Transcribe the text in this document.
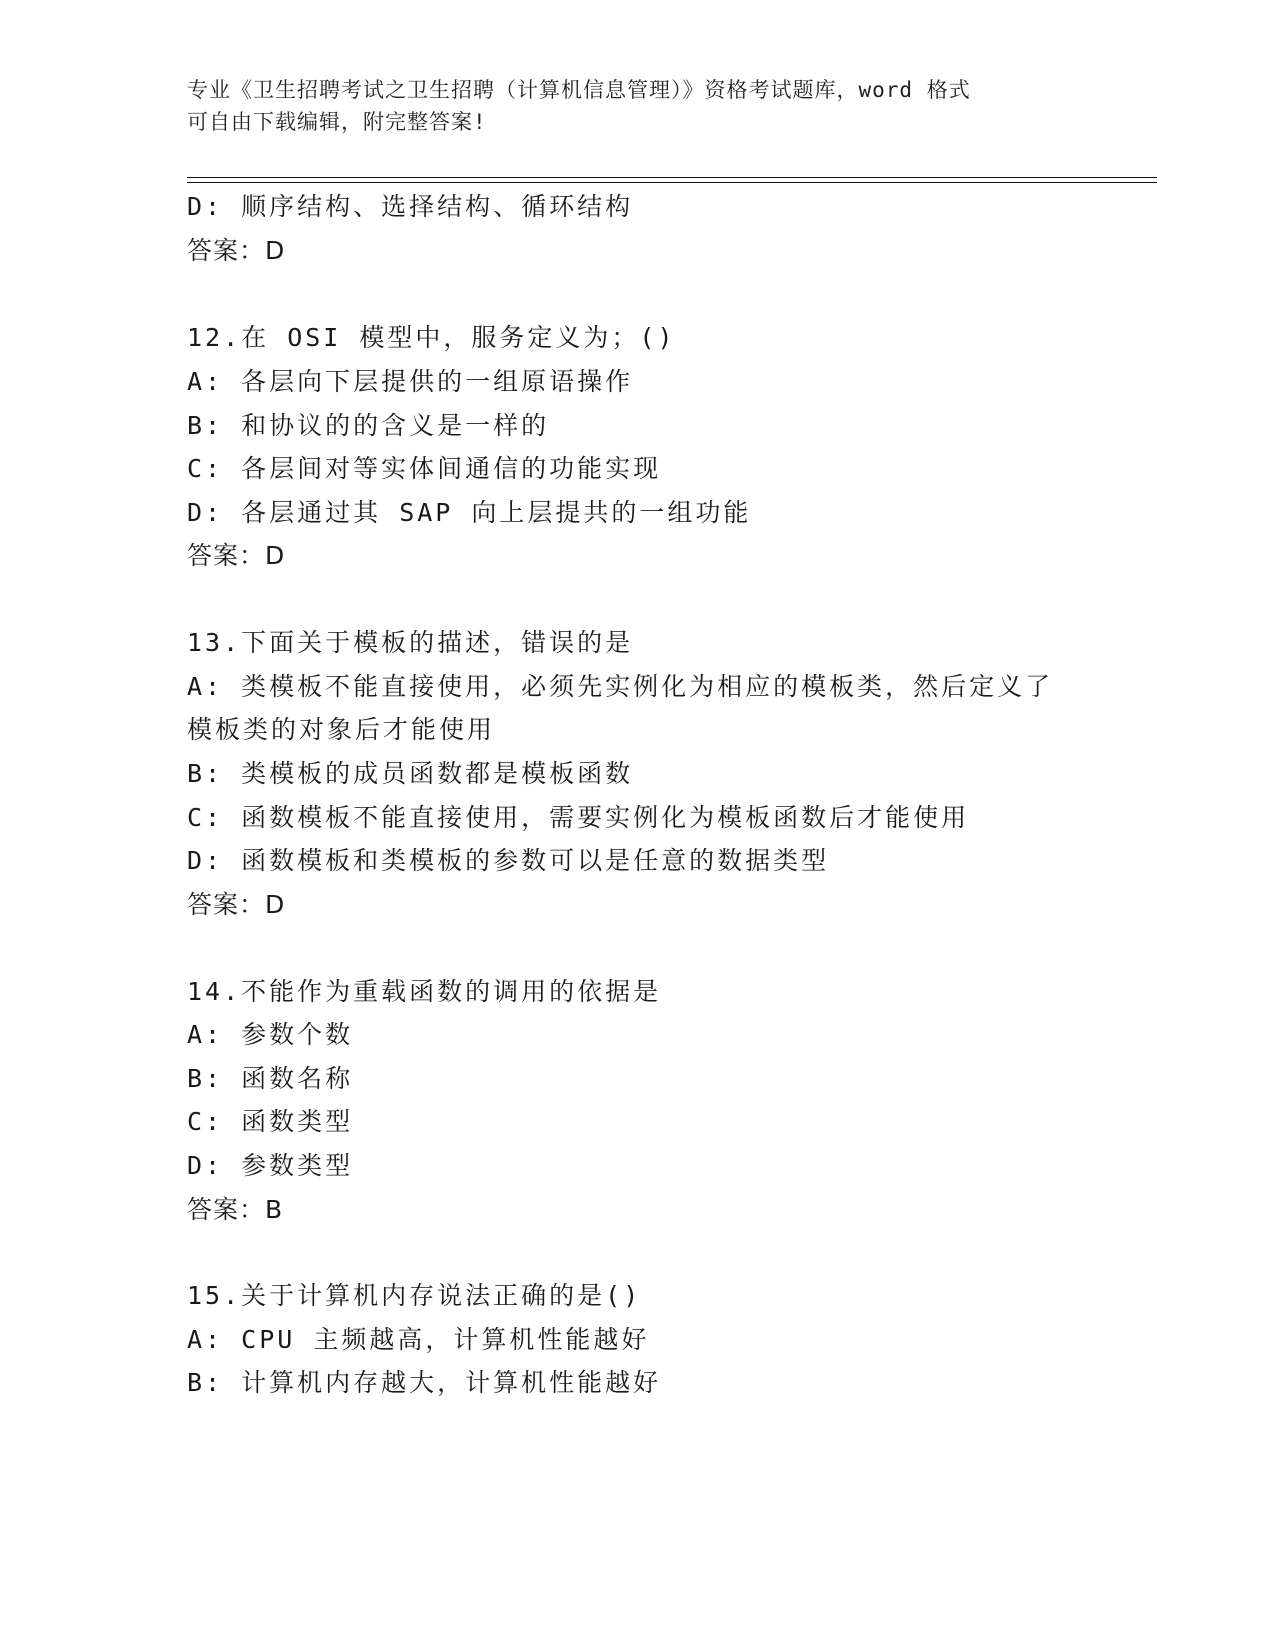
专业《卫生招聘考试之卫生招聘（计算机信息管理）》资格考试题库，word 格式
可自由下载编辑，附完整答案!
D: 顺序结构、选择结构、循环结构
答案：D
12.在 OSI 模型中，服务定义为；()
A: 各层向下层提供的一组原语操作
B: 和协议的的含义是一样的
C: 各层间对等实体间通信的功能实现
D: 各层通过其 SAP 向上层提共的一组功能
答案：D
13.下面关于模板的描述，错误的是
A: 类模板不能直接使用，必须先实例化为相应的模板类，然后定义了
模板类的对象后才能使用
B: 类模板的成员函数都是模板函数
C: 函数模板不能直接使用，需要实例化为模板函数后才能使用
D: 函数模板和类模板的参数可以是任意的数据类型
答案：D
14.不能作为重载函数的调用的依据是
A: 参数个数
B: 函数名称
C: 函数类型
D: 参数类型
答案：B
15.关于计算机内存说法正确的是()
A: CPU 主频越高，计算机性能越好
B: 计算机内存越大，计算机性能越好
